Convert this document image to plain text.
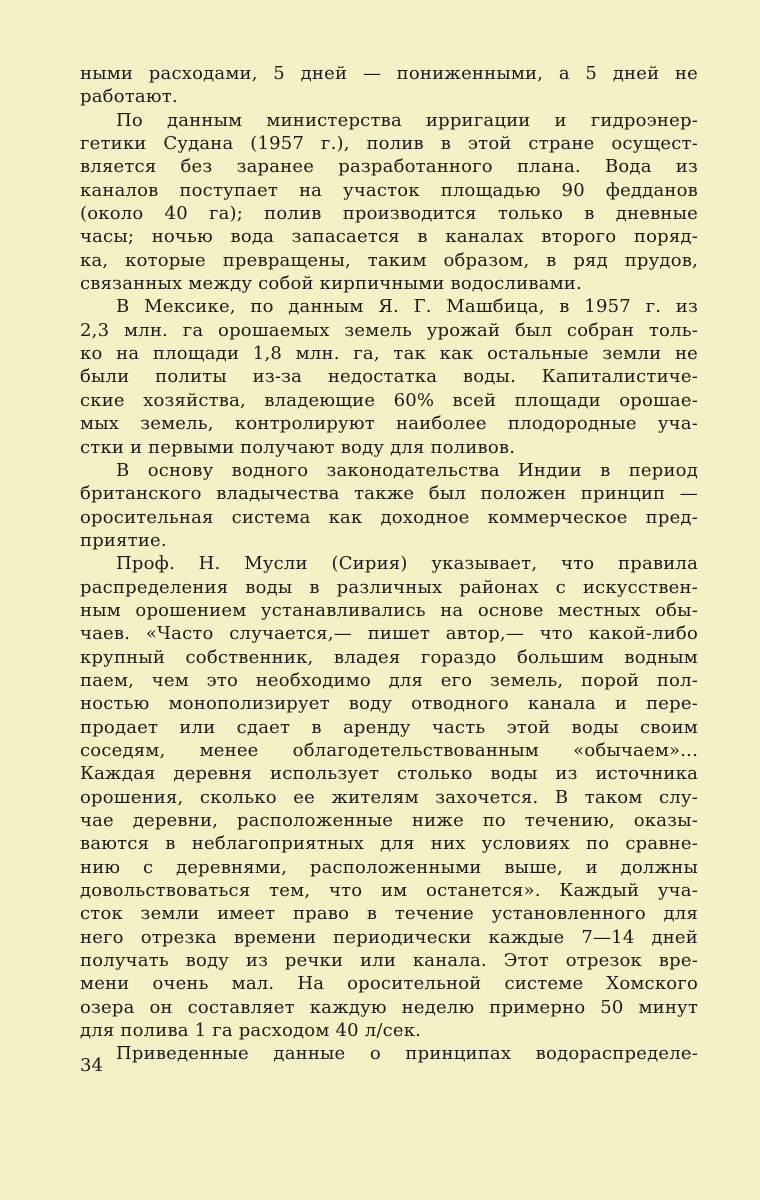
ными расходами, 5 дней — пониженными, а 5 дней не
работают.
По данным министерства ирригации и гидроэнер-
гетики Судана (1957 г.), полив в этой стране осущест-
вляется без заранее разработанного плана. Вода из
каналов поступает на участок площадью 90 федданов
(около 40 га); полив производится только в дневные
часы; ночью вода запасается в каналах второго поряд-
ка, которые превращены, таким образом, в ряд прудов,
связанных между собой кирпичными водосливами.
В Мексике, по данным Я. Г. Машбица, в 1957 г. из
2,3 млн. га орошаемых земель урожай был собран толь-
ко на площади 1,8 млн. га, так как остальные земли не
были политы из-за недостатка воды. Капиталистиче-
ские хозяйства, владеющие 60% всей площади орошае-
мых земель, контролируют наиболее плодородные уча-
стки и первыми получают воду для поливов.
В основу водного законодательства Индии в период
британского владычества также был положен принцип —
оросительная система как доходное коммерческое пред-
приятие.
Проф. Н. Мусли (Сирия) указывает, что правила
распределения воды в различных районах с искусствен-
ным орошением устанавливались на основе местных обы-
чаев. «Часто случается,— пишет автор,— что какой-либо
крупный собственник, владея гораздо большим водным
паем, чем это необходимо для его земель, порой пол-
ностью монополизирует воду отводного канала и пере-
продает или сдает в аренду часть этой воды своим
соседям, менее облагодетельствованным «обычаем»...
Каждая деревня использует столько воды из источника
орошения, сколько ее жителям захочется. В таком слу-
чае деревни, расположенные ниже по течению, оказы-
ваются в неблагоприятных для них условиях по сравне-
нию с деревнями, расположенными выше, и должны
довольствоваться тем, что им останется». Каждый уча-
сток земли имеет право в течение установленного для
него отрезка времени периодически каждые 7—14 дней
получать воду из речки или канала. Этот отрезок вре-
мени очень мал. На оросительной системе Хомского
озера он составляет каждую неделю примерно 50 минут
для полива 1 га расходом 40 л/сек.
Приведенные данные о принципах водораспределе-
34
